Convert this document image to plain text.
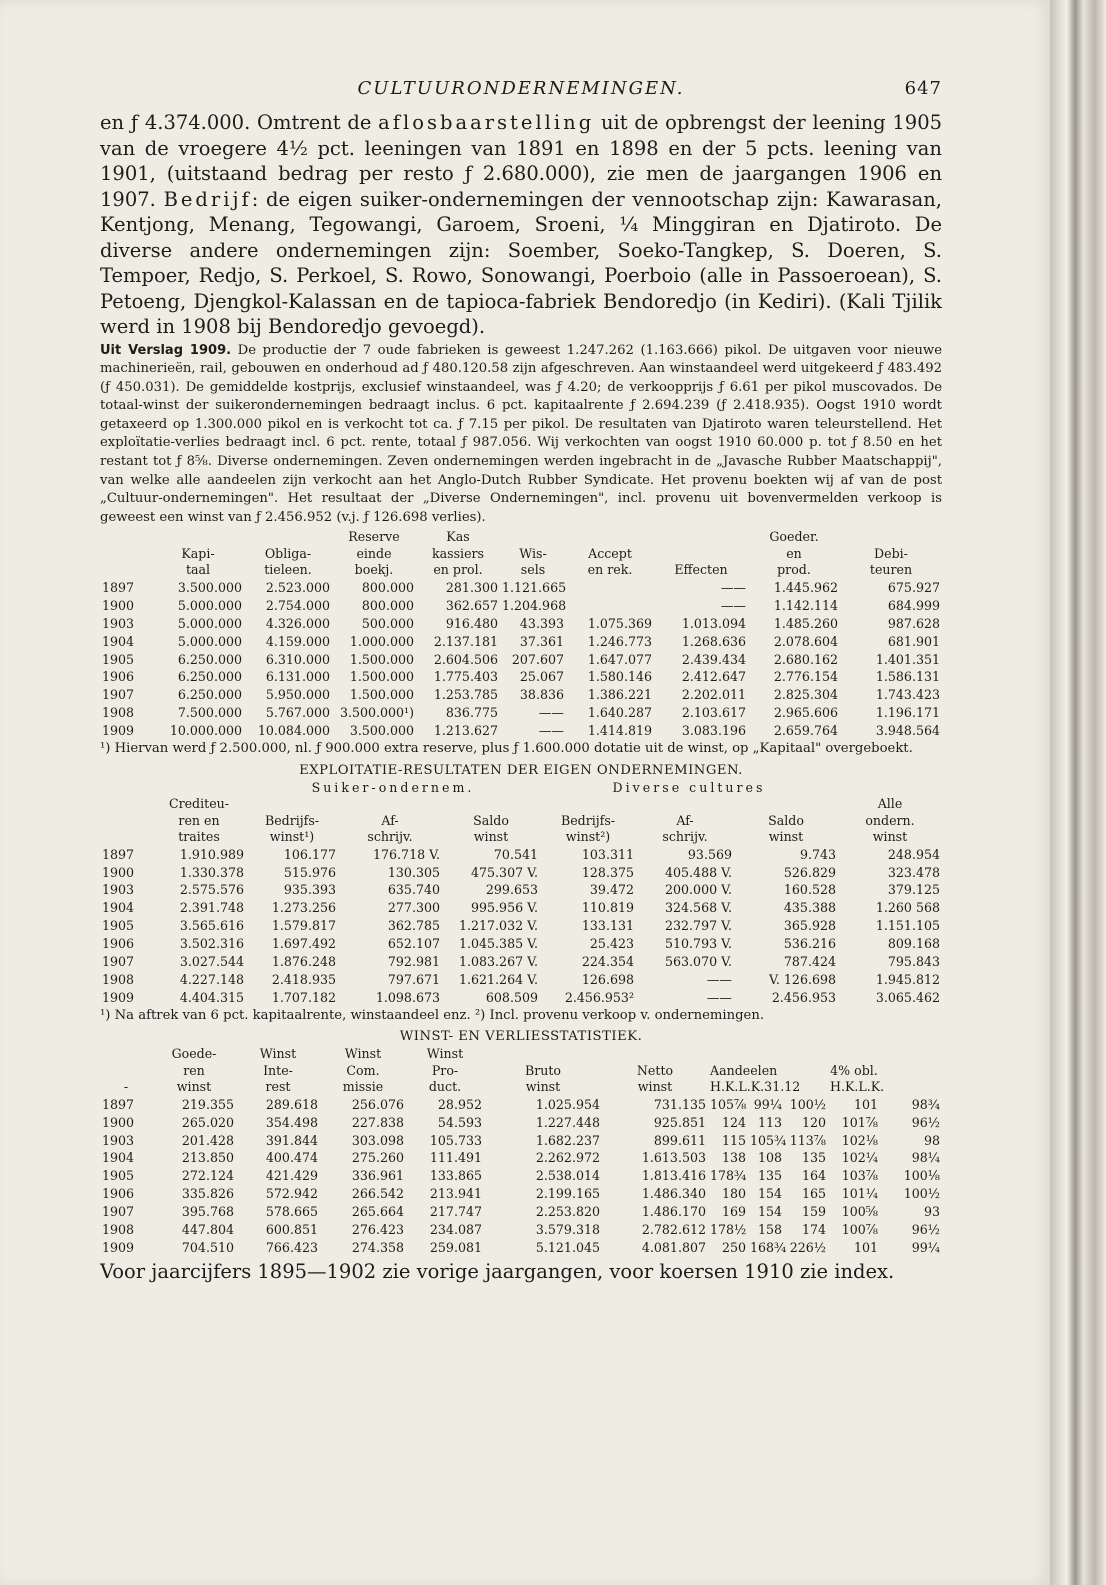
CULTUURONDERNEMINGEN.	647

en ƒ 4.374.000. Omtrent de aflosbaarstelling uit de opbrengst der leening 1905 van de vroegere 4½ pct. leeningen van 1891 en 1898 en der 5 pcts. leening van 1901, (uitstaand bedrag per resto ƒ 2.680.000), zie men de jaargangen 1906 en 1907. Bedrijf: de eigen suiker-ondernemingen der vennootschap zijn: Kawarasan, Kentjong, Menang, Tegowangi, Garoem, Sroeni, ¼ Minggiran en Djatiroto. De diverse andere ondernemingen zijn: Soember, Soeko-Tangkep, S. Doeren, S. Tempoer, Redjo, S. Perkoel, S. Rowo, Sonowangi, Poerboio (alle in Passoeroean), S. Petoeng, Djengkol-Kalassan en de tapioca-fabriek Bendoredjo (in Kediri). (Kali Tjilik werd in 1908 bij Bendoredjo gevoegd).

Uit Verslag 1909. De productie der 7 oude fabrieken is geweest 1.247.262 (1.163.666) pikol. De uitgaven voor nieuwe machinerieën, rail, gebouwen en onderhoud ad ƒ 480.120.58 zijn afgeschreven. Aan winstaandeel werd uitgekeerd ƒ 483.492 (ƒ 450.031). De gemiddelde kostprijs, exclusief winstaandeel, was ƒ 4.20; de verkoopprijs ƒ 6.61 per pikol muscovados. De totaal-winst der suikerondernemingen bedraagt inclus. 6 pct. kapitaalrente ƒ 2.694.239 (ƒ 2.418.935). Oogst 1910 wordt getaxeerd op 1.300.000 pikol en is verkocht tot ca. ƒ 7.15 per pikol. De resultaten van Djatiroto waren teleurstellend. Het exploïtatie-verlies bedraagt incl. 6 pct. rente, totaal ƒ 987.056. Wij verkochten van oogst 1910 60.000 p. tot ƒ 8.50 en het restant tot ƒ 8⅝. Diverse ondernemingen. Zeven ondernemingen werden ingebracht in de „Javasche Rubber Maatschappij", van welke alle aandeelen zijn verkocht aan het Anglo-Dutch Rubber Syndicate. Het provenu boekten wij af van de post „Cultuur-ondernemingen". Het resultaat der „Diverse Ondernemingen", incl. provenu uit bovenvermelden verkoop is geweest een winst van ƒ 2.456.952 (v.j. ƒ 126.698 verlies).

			Reserve	Kas				Goeder.	
	Kapi-	Obliga-	einde	kassiers	Wis-	Accept		en	Debi-
	taal	tieleen.	boekj.	en prol.	sels	en rek.	Effecten	prod.	teuren
1897	3.500.000	2.523.000	800.000	281.300	1.121.665		——	1.445.962	675.927
1900	5.000.000	2.754.000	800.000	362.657	1.204.968		——	1.142.114	684.999
1903	5.000.000	4.326.000	500.000	916.480	43.393	1.075.369	1.013.094	1.485.260	987.628
1904	5.000.000	4.159.000	1.000.000	2.137.181	37.361	1.246.773	1.268.636	2.078.604	681.901
1905	6.250.000	6.310.000	1.500.000	2.604.506	207.607	1.647.077	2.439.434	2.680.162	1.401.351
1906	6.250.000	6.131.000	1.500.000	1.775.403	25.067	1.580.146	2.412.647	2.776.154	1.586.131
1907	6.250.000	5.950.000	1.500.000	1.253.785	38.836	1.386.221	2.202.011	2.825.304	1.743.423
1908	7.500.000	5.767.000	3.500.000¹)	836.775	——	1.640.287	2.103.617	2.965.606	1.196.171
1909	10.000.000	10.084.000	3.500.000	1.213.627	——	1.414.819	3.083.196	2.659.764	3.948.564

¹) Hiervan werd ƒ 2.500.000, nl. ƒ 900.000 extra reserve, plus ƒ 1.600.000 dotatie uit de winst, op „Kapitaal" overgeboekt.

EXPLOITATIE-RESULTATEN DER EIGEN ONDERNEMINGEN.
		Suiker-ondernem.			Diverse cultures			
	Crediteu-							Alle
	ren en	Bedrijfs-	Af-	Saldo	Bedrijfs-	Af-	Saldo	ondern.
	traites	winst¹)	schrijv.	winst	winst²)	schrijv.	winst	winst
1897	1.910.989	106.177	176.718 V.	70.541	103.311	93.569	9.743	248.954
1900	1.330.378	515.976	130.305	475.307 V.	128.375	405.488 V.	526.829	323.478
1903	2.575.576	935.393	635.740	299.653	39.472	200.000 V.	160.528	379.125
1904	2.391.748	1.273.256	277.300	995.956 V.	110.819	324.568 V.	435.388	1.260 568
1905	3.565.616	1.579.817	362.785	1.217.032 V.	133.131	232.797 V.	365.928	1.151.105
1906	3.502.316	1.697.492	652.107	1.045.385 V.	25.423	510.793 V.	536.216	809.168
1907	3.027.544	1.876.248	792.981	1.083.267 V.	224.354	563.070 V.	787.424	795.843
1908	4.227.148	2.418.935	797.671	1.621.264 V.	126.698	——	V. 126.698	1.945.812
1909	4.404.315	1.707.182	1.098.673	608.509	2.456.953²	——	2.456.953	3.065.462

¹) Na aftrek van 6 pct. kapitaalrente, winstaandeel enz. ²) Incl. provenu verkoop v. ondernemingen.

WINST- EN VERLIESSTATISTIEK.
	Goede-	Winst	Winst	Winst							
	ren	Inte-	Com.	Pro-	Bruto	Netto	Aandeelen			4% obl.	
-	winst	rest	missie	duct.	winst	winst	H.K.L.K.31.12			H.K.L.K.	
1897	219.355	289.618	256.076	28.952	1.025.954	731.135	105⅞	99¼	100½	101	98¾
1900	265.020	354.498	227.838	54.593	1.227.448	925.851	124	113	120	101⅞	96½
1903	201.428	391.844	303.098	105.733	1.682.237	899.611	115	105¾	113⅞	102⅛	98
1904	213.850	400.474	275.260	111.491	2.262.972	1.613.503	138	108	135	102¼	98¼
1905	272.124	421.429	336.961	133.865	2.538.014	1.813.416	178¾	135	164	103⅞	100⅛
1906	335.826	572.942	266.542	213.941	2.199.165	1.486.340	180	154	165	101¼	100½
1907	395.768	578.665	265.664	217.747	2.253.820	1.486.170	169	154	159	100⅝	93
1908	447.804	600.851	276.423	234.087	3.579.318	2.782.612	178½	158	174	100⅞	96½
1909	704.510	766.423	274.358	259.081	5.121.045	4.081.807	250	168¾	226½	101	99¼

Voor jaarcijfers 1895—1902 zie vorige jaargangen, voor koersen 1910 zie index.
